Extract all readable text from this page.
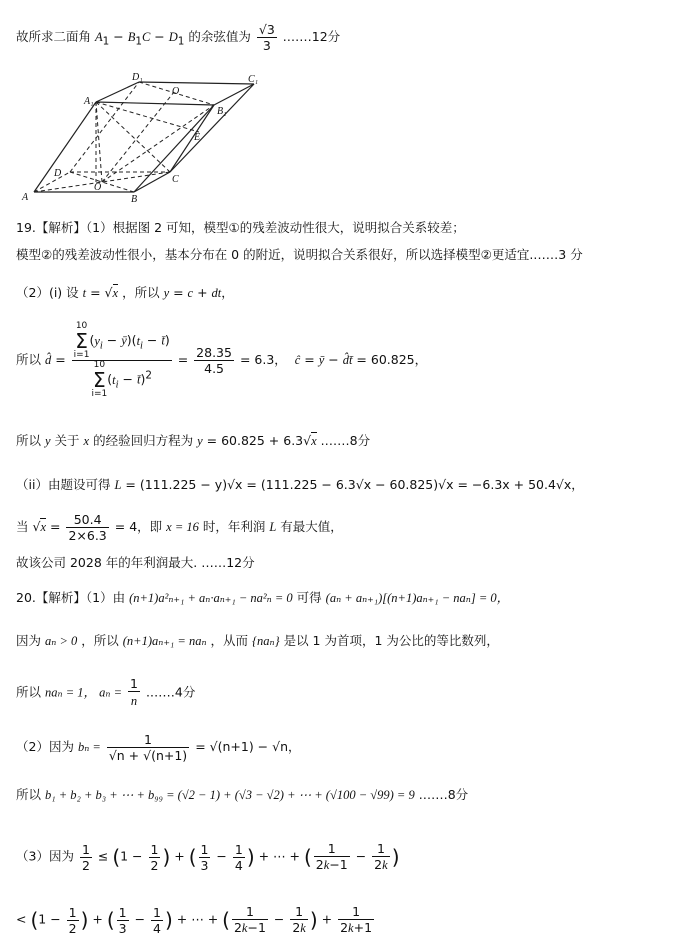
故所求二面角 $A_1 - B_1C - D_1$ 的余弦值为 $\frac{√3}{3}$ .……12分
A	B
C
D
A₁
B₁
C₁
D₁
O
O
E
19.【解析】（1）根据图 2 可知，模型①的残差波动性很大，说明拟合关系较差；
模型②的残差波动性很小，基本分布在 0 的附近，说明拟合关系很好，所以选择模型②更适宜.……3 分
（2）(i) 设 t = √x ，所以 y = c + dt，
所以 d̂ = 10
Σ
$i=1(y_i$ − $ȳ)(t_i$ − t̄)
10
Σ
$i=1(t_i$ − t̄)$^2$ = $\frac{28.35}{4.5} = 6.3$， ĉ = ȳ − d̂t̄ = 60.825，
所以 y 关于 x 的经验回归方程为 y = 60.825 + 6.3√x .……8分
（ii）由题设可得 L = (111.225 − y)√x = (111.225 − 6.3√x − 60.825)√x = −6.3x + 50.4√x，
当 $√x = \frac{50.4}{2\times 6.3} = 4$，即 x = 16 时，年利润 L 有最大值，
故该公司 2028 年的年利润最大. ……12分
20.【解析】（1）由 (n+1)a²ₙ₊₁ + aₙ·aₙ₊₁ − na²ₙ = 0 可得 (aₙ + aₙ₊₁)[(n+1)aₙ₊₁ − naₙ] = 0，
因为 aₙ > 0 ，所以 (n+1)aₙ₊₁ = naₙ ，从而 {naₙ} 是以 1 为首项，1 为公比的等比数列，
所以 naₙ = 1， $a_n = \frac{1}{n}$ .……4分
（2）因为 $b_n = \frac{1}{√n + √(n+1)} = √(n+1) - √n$，
所以 b₁ + b₂ + b₃ + ⋯ + b₉₉ = (√2 − 1) + (√3 − √2) + ⋯ + (√100 − √99) = 9 .……8分
（3）因为 $\frac{1}{2} \le (1 - \frac{1}{2}$ ) + ( $\frac{1}{3} - \frac{1}{4}$ ) + ⋯ + ( $\frac{1}{2k-1} - \frac{1}{2k}$ )
< ($1 - \frac{1}{2}$ ) + ( $\frac{1}{3} - \frac{1}{4}$ ) + ⋯ + ( $\frac{1}{2k-1} - \frac{1}{2k}$ ) + $\frac{1}{2k+1}$
